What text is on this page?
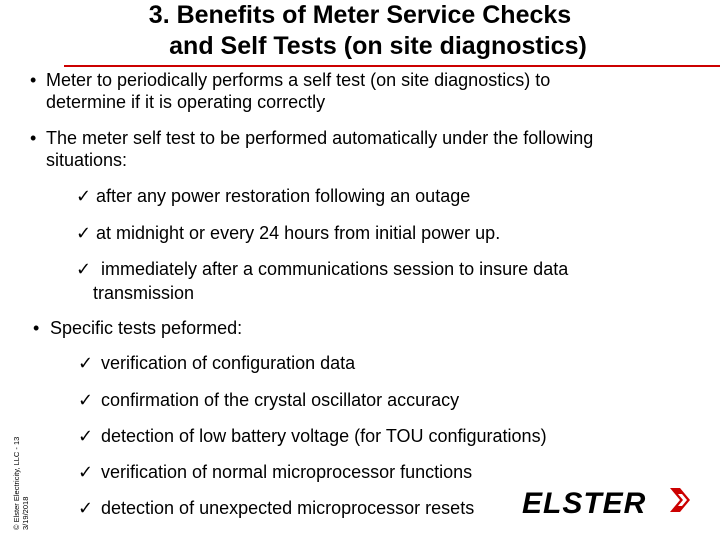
3. Benefits of Meter Service Checks
and Self Tests (on site diagnostics)
• Meter to periodically performs a self test (on site diagnostics) to
determine if it is operating correctly
• The meter self test to be performed automatically under the following
situations:
✓ after any power restoration following an outage
✓ at midnight or every 24 hours from initial power up.
✓ immediately after a communications session to insure data
transmission
• Specific tests peformed:
✓ verification of configuration data
✓ confirmation of the crystal oscillator accuracy
✓ detection of low battery voltage (for TOU configurations)
✓ verification of normal microprocessor functions
✓ detection of unexpected microprocessor resets
© Elster Electricity, LLC - 13 3/19/2018	ELSTER
